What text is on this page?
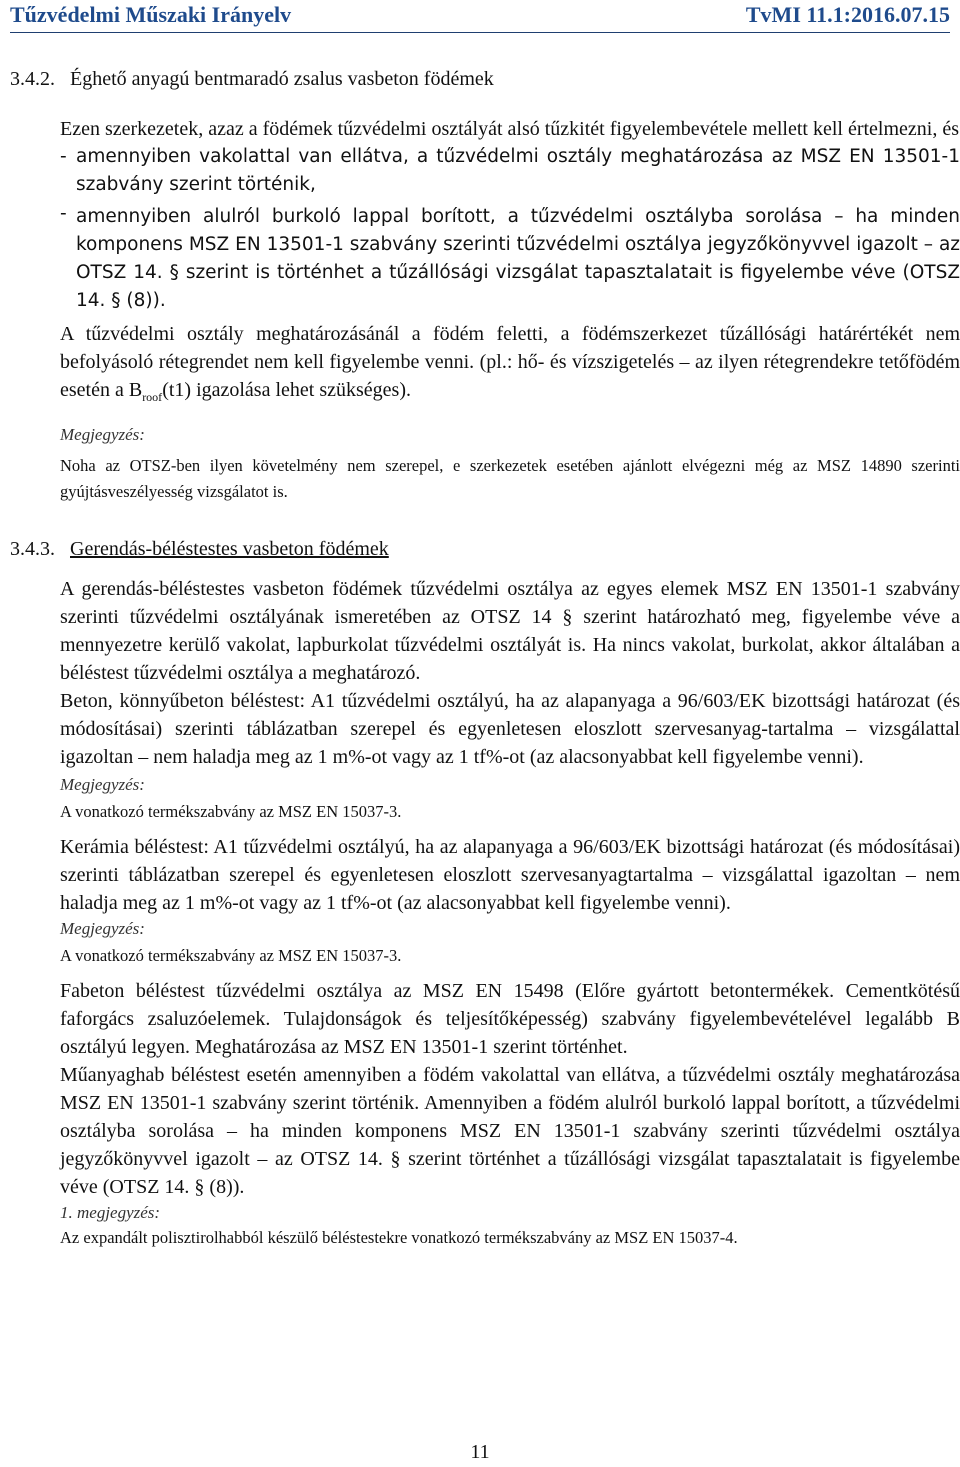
Tűzvédelmi Műszaki Irányelv	TvMI 11.1:2016.07.15
3.4.2. Éghető anyagú bentmaradó zsalus vasbeton födémek

Ezen szerkezetek, azaz a födémek tűzvédelmi osztályát alsó tűzkitét figyelembevétele mellett kell értelmezni, és

- amennyiben vakolattal van ellátva, a tűzvédelmi osztály meghatározása az MSZ EN 13501-1 szabvány szerint történik,

- amennyiben alulról burkoló lappal borított, a tűzvédelmi osztályba sorolása – ha minden komponens MSZ EN 13501-1 szabvány szerinti tűzvédelmi osztálya jegyzőkönyvvel igazolt – az OTSZ 14. § szerint is történhet a tűzállósági vizsgálat tapasztalatait is figyelembe véve (OTSZ 14. § (8)).

A tűzvédelmi osztály meghatározásánál a födém feletti, a födémszerkezet tűzállósági határértékét nem befolyásoló rétegrendet nem kell figyelembe venni. (pl.: hő- és vízszigetelés – az ilyen rétegrendekre tetőfödém esetén a $B_{roof}(t1)$ igazolása lehet szükséges).

Megjegyzés:

Noha az OTSZ-ben ilyen követelmény nem szerepel, e szerkezetek esetében ajánlott elvégezni még az MSZ 14890 szerinti gyújtásveszélyesség vizsgálatot is.

3.4.3. Gerendás-béléstestes vasbeton födémek

A gerendás-béléstestes vasbeton födémek tűzvédelmi osztálya az egyes elemek MSZ EN 13501-1 szabvány szerinti tűzvédelmi osztályának ismeretében az OTSZ 14 § szerint határozható meg, figyelembe véve a mennyezetre kerülő vakolat, lapburkolat tűzvédelmi osztályát is. Ha nincs vakolat, burkolat, akkor általában a béléstest tűzvédelmi osztálya a meghatározó.

Beton, könnyűbeton béléstest: A1 tűzvédelmi osztályú, ha az alapanyaga a 96/603/EK bizottsági határozat (és módosításai) szerinti táblázatban szerepel és egyenletesen eloszlott szervesanyag-tartalma – vizsgálattal igazoltan – nem haladja meg az 1 m%-ot vagy az 1 tf%-ot (az alacsonyabbat kell figyelembe venni).

Megjegyzés:

A vonatkozó termékszabvány az MSZ EN 15037-3.

Kerámia béléstest: A1 tűzvédelmi osztályú, ha az alapanyaga a 96/603/EK bizottsági határozat (és módosításai) szerinti táblázatban szerepel és egyenletesen eloszlott szervesanyagtartalma – vizsgálattal igazoltan – nem haladja meg az 1 m%-ot vagy az 1 tf%-ot (az alacsonyabbat kell figyelembe venni).

Megjegyzés:

A vonatkozó termékszabvány az MSZ EN 15037-3.

Fabeton béléstest tűzvédelmi osztálya az MSZ EN 15498 (Előre gyártott betontermékek. Cementkötésű faforgács zsaluzóelemek. Tulajdonságok és teljesítőképesség) szabvány figyelembevételével legalább B osztályú legyen. Meghatározása az MSZ EN 13501-1 szerint történhet.

Műanyaghab béléstest esetén amennyiben a födém vakolattal van ellátva, a tűzvédelmi osztály meghatározása MSZ EN 13501-1 szabvány szerint történik. Amennyiben a födém alulról burkoló lappal borított, a tűzvédelmi osztályba sorolása – ha minden komponens MSZ EN 13501-1 szabvány szerinti tűzvédelmi osztálya jegyzőkönyvvel igazolt – az OTSZ 14. § szerint történhet a tűzállósági vizsgálat tapasztalatait is figyelembe véve (OTSZ 14. § (8)).

1. megjegyzés:

Az expandált polisztirolhabból készülő béléstestekre vonatkozó termékszabvány az MSZ EN 15037-4.

11
